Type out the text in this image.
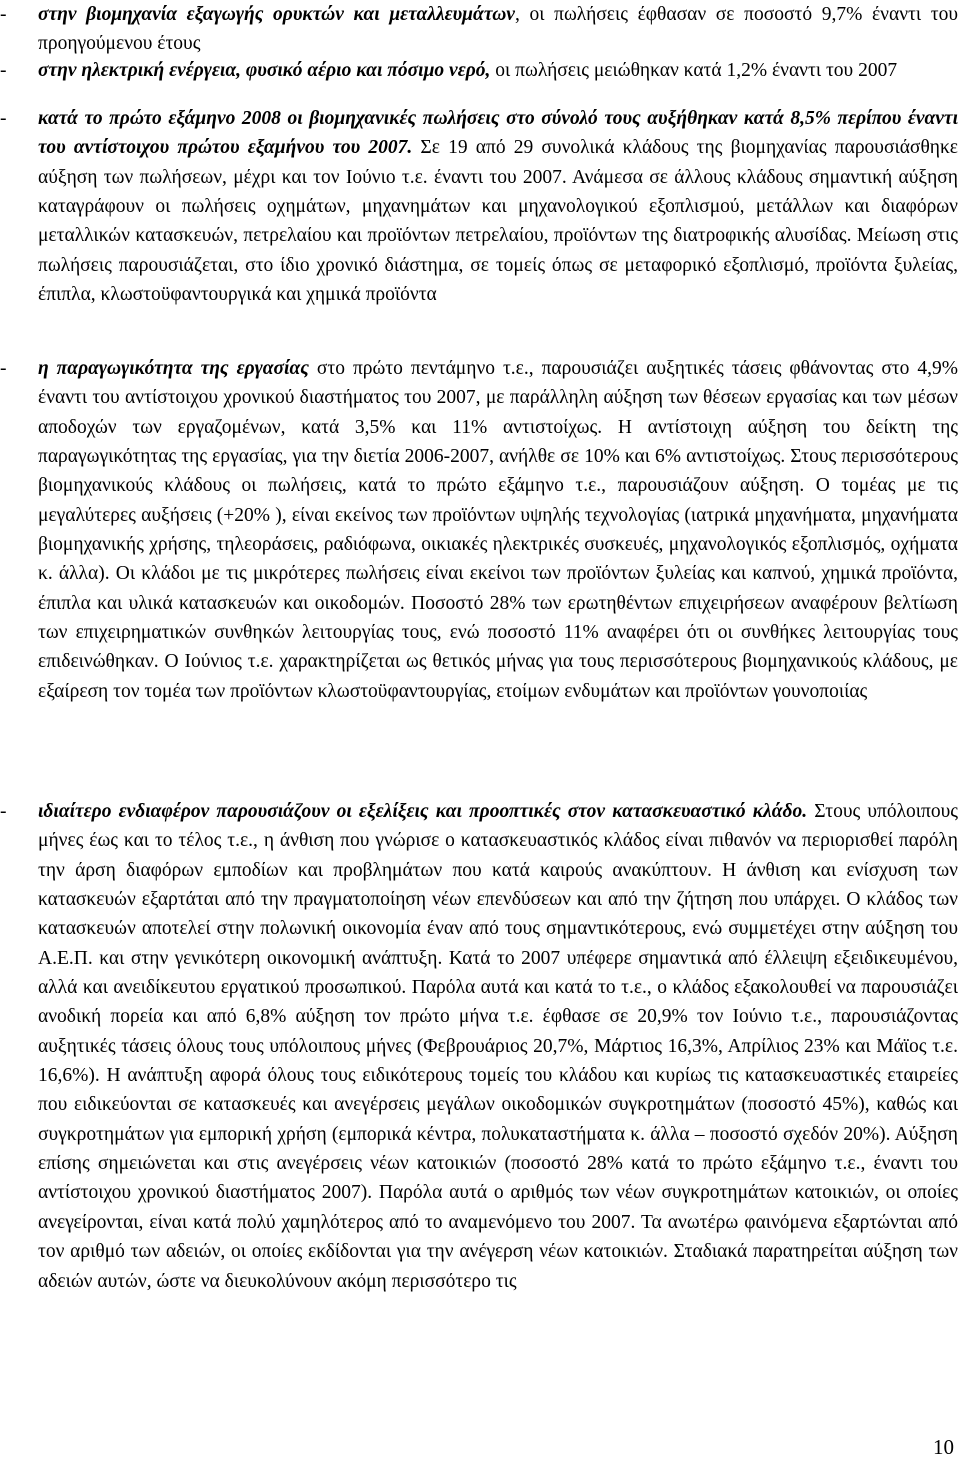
- στην βιομηχανία εξαγωγής ορυκτών και μεταλλευμάτων, οι πωλήσεις έφθασαν σε ποσοστό 9,7% έναντι του προηγούμενου έτους

- στην ηλεκτρική ενέργεια, φυσικό αέριο και πόσιμο νερό, οι πωλήσεις μειώθηκαν κατά 1,2% έναντι του 2007

- κατά το πρώτο εξάμηνο 2008 οι βιομηχανικές πωλήσεις στο σύνολό τους αυξήθηκαν κατά 8,5% περίπου έναντι του αντίστοιχου πρώτου εξαμήνου του 2007. Σε 19 από 29 συνολικά κλάδους της βιομηχανίας παρουσιάσθηκε αύξηση των πωλήσεων, μέχρι και τον Ιούνιο τ.ε. έναντι του 2007. Ανάμεσα σε άλλους κλάδους σημαντική αύξηση καταγράφουν οι πωλήσεις οχημάτων, μηχανημάτων και μηχανολογικού εξοπλισμού, μετάλλων και διαφόρων μεταλλικών κατασκευών, πετρελαίου και προϊόντων πετρελαίου, προϊόντων της διατροφικής αλυσίδας. Μείωση στις πωλήσεις παρουσιάζεται, στο ίδιο χρονικό διάστημα, σε τομείς όπως σε μεταφορικό εξοπλισμό, προϊόντα ξυλείας, έπιπλα, κλωστοϋφαντουργικά και χημικά προϊόντα

- η παραγωγικότητα της εργασίας στο πρώτο πεντάμηνο τ.ε., παρουσιάζει αυξητικές τάσεις φθάνοντας στο 4,9% έναντι του αντίστοιχου χρονικού διαστήματος του 2007, με παράλληλη αύξηση των θέσεων εργασίας και των μέσων αποδοχών των εργαζομένων, κατά 3,5% και 11% αντιστοίχως. Η αντίστοιχη αύξηση του δείκτη της παραγωγικότητας της εργασίας, για την διετία 2006-2007, ανήλθε σε 10% και 6% αντιστοίχως. Στους περισσότερους βιομηχανικούς κλάδους οι πωλήσεις, κατά το πρώτο εξάμηνο τ.ε., παρουσιάζουν αύξηση. Ο τομέας με τις μεγαλύτερες αυξήσεις (+20% ), είναι εκείνος των προϊόντων υψηλής τεχνολογίας (ιατρικά μηχανήματα, μηχανήματα βιομηχανικής χρήσης, τηλεοράσεις, ραδιόφωνα, οικιακές ηλεκτρικές συσκευές, μηχανολογικός εξοπλισμός, οχήματα κ. άλλα). Οι κλάδοι με τις μικρότερες πωλήσεις είναι εκείνοι των προϊόντων ξυλείας και καπνού, χημικά προϊόντα, έπιπλα και υλικά κατασκευών και οικοδομών. Ποσοστό 28% των ερωτηθέντων επιχειρήσεων αναφέρουν βελτίωση των επιχειρηματικών συνθηκών λειτουργίας τους, ενώ ποσοστό 11% αναφέρει ότι οι συνθήκες λειτουργίας τους επιδεινώθηκαν. Ο Ιούνιος τ.ε. χαρακτηρίζεται ως θετικός μήνας για τους περισσότερους βιομηχανικούς κλάδους, με εξαίρεση τον τομέα των προϊόντων κλωστοϋφαντουργίας, ετοίμων ενδυμάτων και προϊόντων γουνοποιίας

- ιδιαίτερο ενδιαφέρον παρουσιάζουν οι εξελίξεις και προοπτικές στον κατασκευαστικό κλάδο. Στους υπόλοιπους μήνες έως και το τέλος τ.ε., η άνθιση που γνώρισε ο κατασκευαστικός κλάδος είναι πιθανόν να περιορισθεί παρόλη την άρση διαφόρων εμποδίων και προβλημάτων που κατά καιρούς ανακύπτουν. Η άνθιση και ενίσχυση των κατασκευών εξαρτάται από την πραγματοποίηση νέων επενδύσεων και από την ζήτηση που υπάρχει. Ο κλάδος των κατασκευών αποτελεί στην πολωνική οικονομία έναν από τους σημαντικότερους, ενώ συμμετέχει στην αύξηση του Α.Ε.Π. και στην γενικότερη οικονομική ανάπτυξη. Κατά το 2007 υπέφερε σημαντικά από έλλειψη εξειδικευμένου, αλλά και ανειδίκευτου εργατικού προσωπικού. Παρόλα αυτά και κατά το τ.ε., ο κλάδος εξακολουθεί να παρουσιάζει ανοδική πορεία και από 6,8% αύξηση τον πρώτο μήνα τ.ε. έφθασε σε 20,9% τον Ιούνιο τ.ε., παρουσιάζοντας αυξητικές τάσεις όλους τους υπόλοιπους μήνες (Φεβρουάριος 20,7%, Μάρτιος 16,3%, Απρίλιος 23% και Μάϊος τ.ε. 16,6%). Η ανάπτυξη αφορά όλους τους ειδικότερους τομείς του κλάδου και κυρίως τις κατασκευαστικές εταιρείες που ειδικεύονται σε κατασκευές και ανεγέρσεις μεγάλων οικοδομικών συγκροτημάτων (ποσοστό 45%), καθώς και συγκροτημάτων για εμπορική χρήση (εμπορικά κέντρα, πολυκαταστήματα κ. άλλα – ποσοστό σχεδόν 20%). Αύξηση επίσης σημειώνεται και στις ανεγέρσεις νέων κατοικιών (ποσοστό 28% κατά το πρώτο εξάμηνο τ.ε., έναντι του αντίστοιχου χρονικού διαστήματος 2007). Παρόλα αυτά ο αριθμός των νέων συγκροτημάτων κατοικιών, οι οποίες ανεγείρονται, είναι κατά πολύ χαμηλότερος από το αναμενόμενο του 2007. Τα ανωτέρω φαινόμενα εξαρτώνται από τον αριθμό των αδειών, οι οποίες εκδίδονται για την ανέγερση νέων κατοικιών. Σταδιακά παρατηρείται αύξηση των αδειών αυτών, ώστε να διευκολύνουν ακόμη περισσότερο τις

10
